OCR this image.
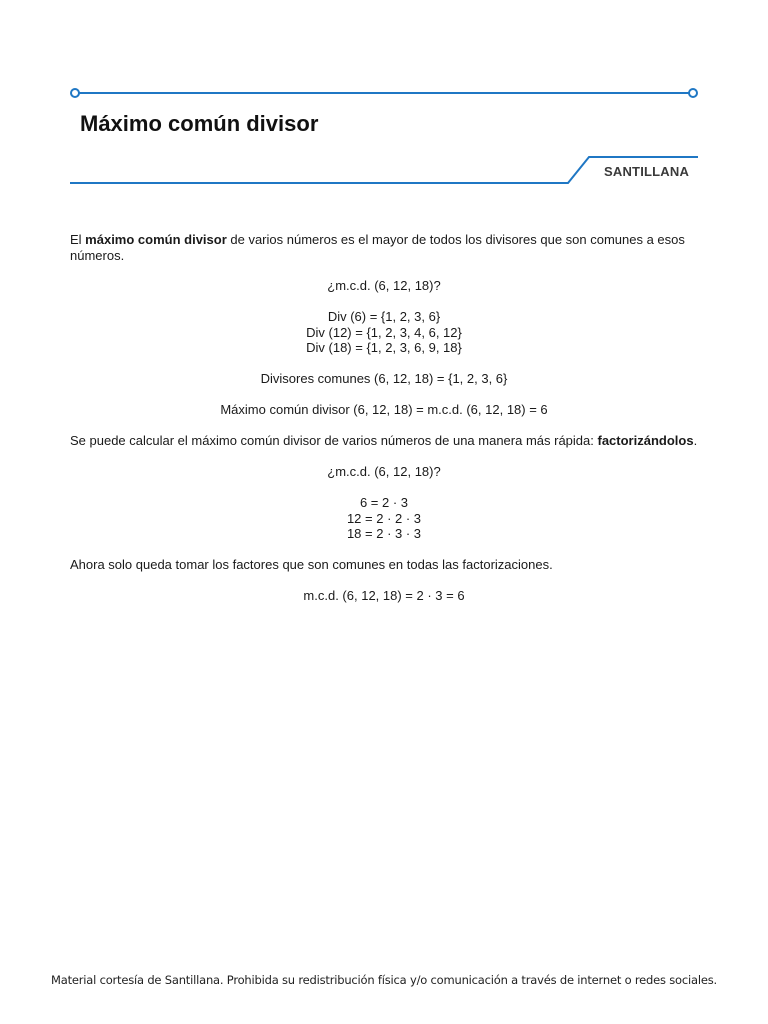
Máximo común divisor
SANTILLANA

El máximo común divisor de varios números es el mayor de todos los divisores que son comunes a esos números.

¿m.c.d. (6, 12, 18)?

Div (6) = {1, 2, 3, 6}

Div (12) = {1, 2, 3, 4, 6, 12}

Div (18) = {1, 2, 3, 6, 9, 18}

Divisores comunes (6, 12, 18) = {1, 2, 3, 6}

Máximo común divisor (6, 12, 18) = m.c.d. (6, 12, 18) = 6

Se puede calcular el máximo común divisor de varios números de una manera más rápida: factorizándolos.

¿m.c.d. (6, 12, 18)?

6 = 2 · 3

12 = 2 · 2 · 3

18 = 2 · 3 · 3

Ahora solo queda tomar los factores que son comunes en todas las factorizaciones.

m.c.d. (6, 12, 18) = 2 · 3 = 6

Material cortesía de Santillana. Prohibida su redistribución física y/o comunicación a través de internet o redes sociales.
